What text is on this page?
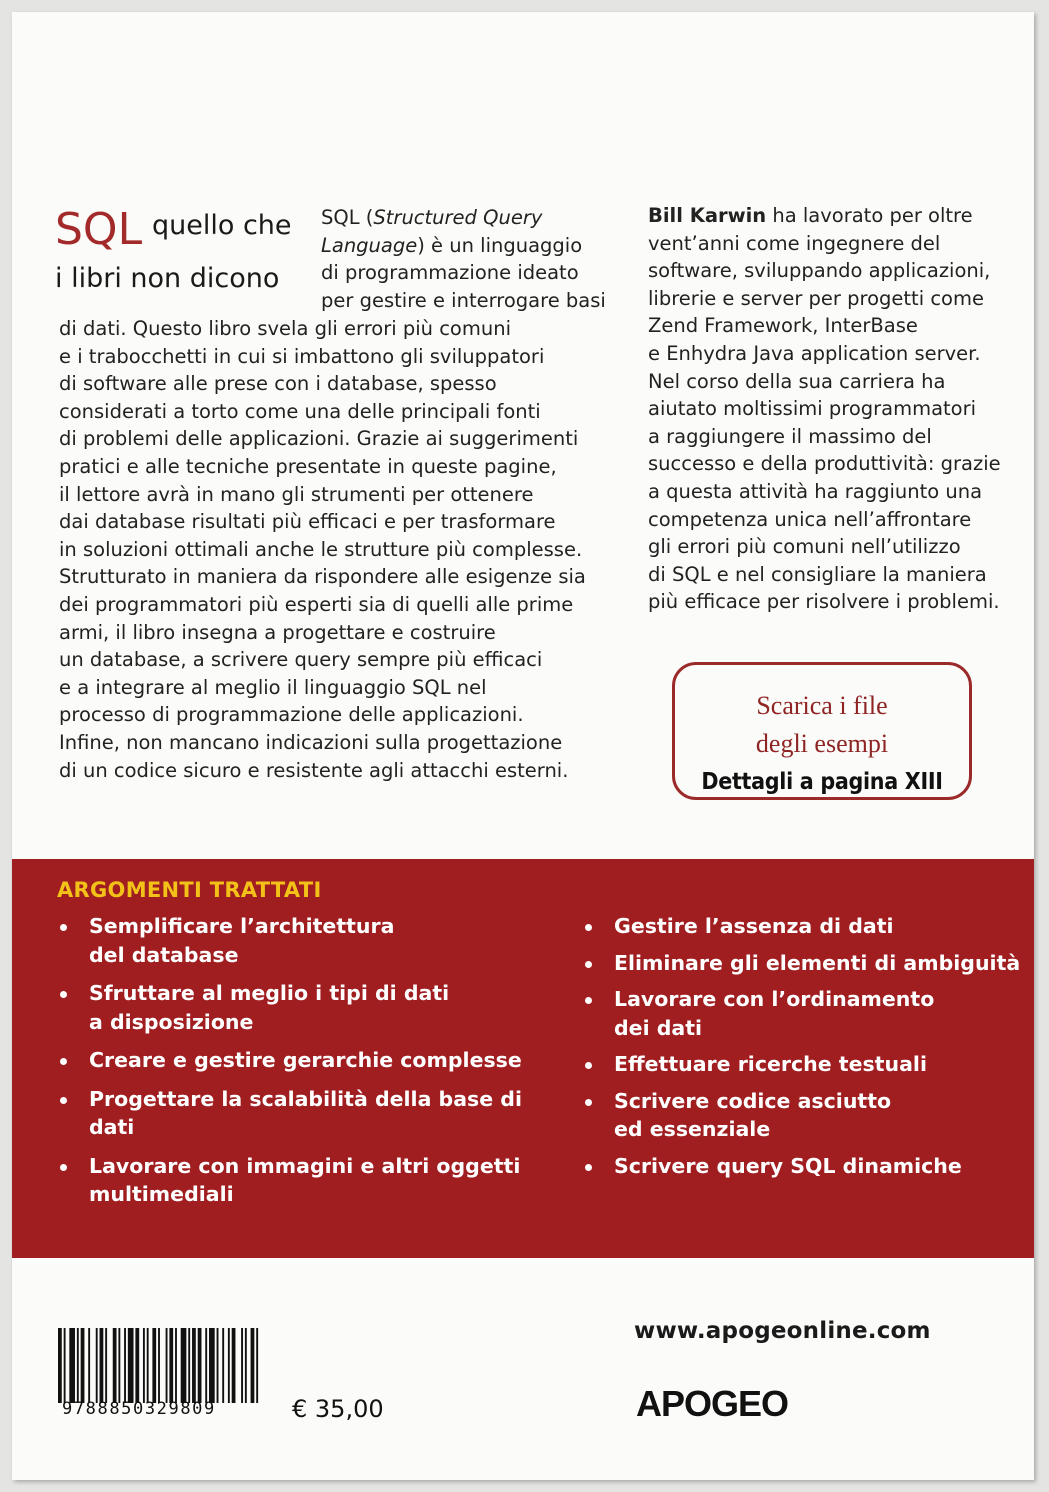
SQL quello che
i libri non dicono
SQL (Structured Query
Language) è un linguaggio
di programmazione ideato
per gestire e interrogare basi
di dati. Questo libro svela gli errori più comuni
e i trabocchetti in cui si imbattono gli sviluppatori
di software alle prese con i database, spesso
considerati a torto come una delle principali fonti
di problemi delle applicazioni. Grazie ai suggerimenti
pratici e alle tecniche presentate in queste pagine,
il lettore avrà in mano gli strumenti per ottenere
dai database risultati più efficaci e per trasformare
in soluzioni ottimali anche le strutture più complesse.
Strutturato in maniera da rispondere alle esigenze sia
dei programmatori più esperti sia di quelli alle prime
armi, il libro insegna a progettare e costruire
un database, a scrivere query sempre più efficaci
e a integrare al meglio il linguaggio SQL nel
processo di programmazione delle applicazioni.
Infine, non mancano indicazioni sulla progettazione
di un codice sicuro e resistente agli attacchi esterni.
Bill Karwin ha lavorato per oltre
vent’anni come ingegnere del
software, sviluppando applicazioni,
librerie e server per progetti come
Zend Framework, InterBase
e Enhydra Java application server.
Nel corso della sua carriera ha
aiutato moltissimi programmatori
a raggiungere il massimo del
successo e della produttività: grazie
a questa attività ha raggiunto una
competenza unica nell’affrontare
gli errori più comuni nell’utilizzo
di SQL e nel consigliare la maniera
più efficace per risolvere i problemi.
Scarica i file
degli esempi
Dettagli a pagina XIII
ARGOMENTI TRATTATI
Semplificare l’architettura
del database
Sfruttare al meglio i tipi di dati
a disposizione
Creare e gestire gerarchie complesse
Progettare la scalabilità della base di dati
Lavorare con immagini e altri oggetti
multimediali
Gestire l’assenza di dati
Eliminare gli elementi di ambiguità
Lavorare con l’ordinamento
dei dati
Effettuare ricerche testuali
Scrivere codice asciutto
ed essenziale
Scrivere query SQL dinamiche
www.apogeonline.com
9788850329809	€ 35,00	APOGEO
